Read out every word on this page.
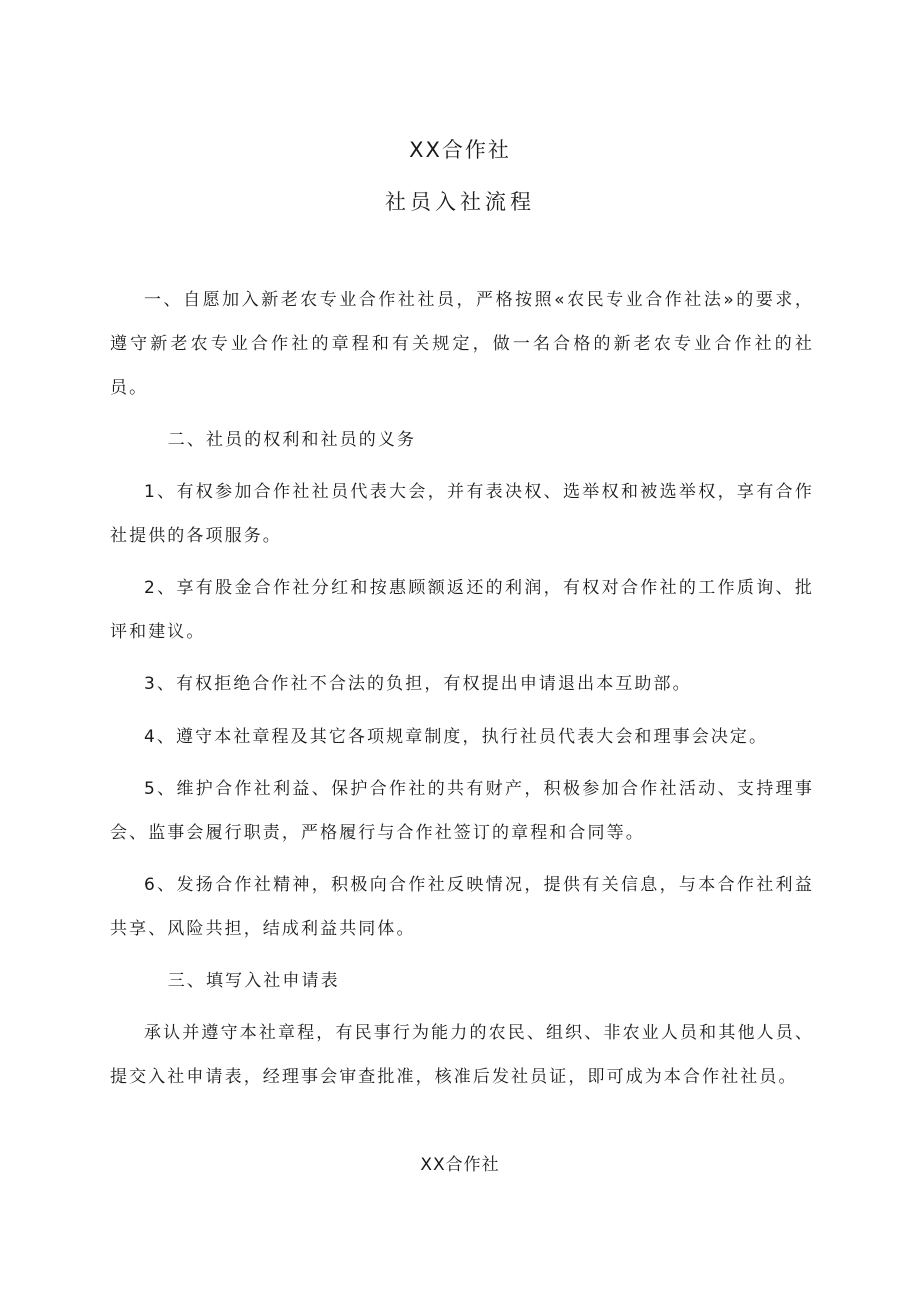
XX合作社
社员入社流程

一、自愿加入新老农专业合作社社员，严格按照«农民专业合作社法»的要求，遵守新老农专业合作社的章程和有关规定，做一名合格的新老农专业合作社的社员。

二、社员的权利和社员的义务

1、有权参加合作社社员代表大会，并有表决权、选举权和被选举权，享有合作社提供的各项服务。

2、享有股金合作社分红和按惠顾额返还的利润，有权对合作社的工作质询、批评和建议。

3、有权拒绝合作社不合法的负担，有权提出申请退出本互助部。

4、遵守本社章程及其它各项规章制度，执行社员代表大会和理事会决定。

5、维护合作社利益、保护合作社的共有财产，积极参加合作社活动、支持理事会、监事会履行职责，严格履行与合作社签订的章程和合同等。

6、发扬合作社精神，积极向合作社反映情况，提供有关信息，与本合作社利益共享、风险共担，结成利益共同体。

三、填写入社申请表

承认并遵守本社章程，有民事行为能力的农民、组织、非农业人员和其他人员、提交入社申请表，经理事会审查批准，核准后发社员证，即可成为本合作社社员。

XX合作社
